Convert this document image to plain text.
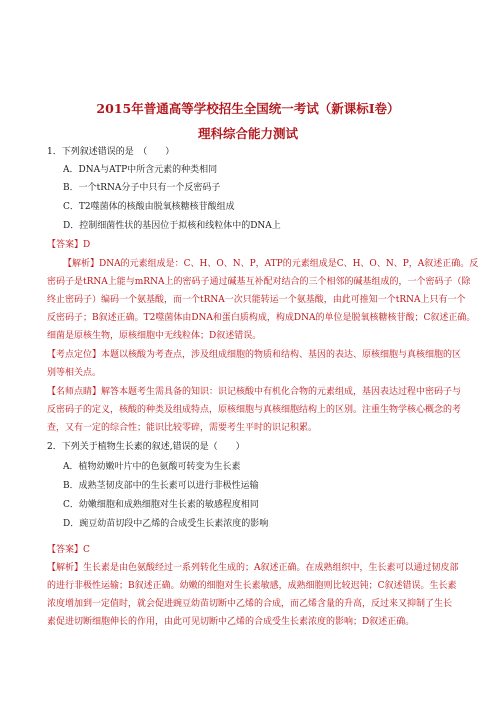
2015年普通高等学校招生全国统一考试（新课标Ⅰ卷）
理科综合能力测试
1．下列叙述错误的是　（　　）
A．DNA与ATP中所含元素的种类相同
B．一个tRNA分子中只有一个反密码子
C．T2噬菌体的核酸由脱氧核糖核苷酸组成
D．控制细菌性状的基因位于拟核和线粒体中的DNA上
【答案】D
【解析】DNA的元素组成是：C、H、O、N、P，ATP的元素组成是C、H、O、N、P，A叙述正确。反
密码子是tRNA上能与mRNA上的密码子通过碱基互补配对结合的三个相邻的碱基组成的，一个密码子（除
终止密码子）编码一个氨基酸，而一个tRNA一次只能转运一个氨基酸，由此可推知一个tRNA上只有一个
反密码子；B叙述正确。T2噬菌体由DNA和蛋白质构成，构成DNA的单位是脱氧核糖核苷酸；C叙述正确。
细菌是原核生物，原核细胞中无线粒体；D叙述错误。
【考点定位】本题以核酸为考查点，涉及组成细胞的物质和结构、基因的表达、原核细胞与真核细胞的区
别等相关点。
【名师点睛】解答本题考生需具备的知识：识记核酸中有机化合物的元素组成，基因表达过程中密码子与
反密码子的定义，核酸的种类及组成特点，原核细胞与真核细胞结构上的区别。注重生物学核心概念的考
查，又有一定的综合性；能识比较零碎，需要考生平时的识记积累。
2．下列关于植物生长素的叙述,错误的是（　　）
A．植物幼嫩叶片中的色氨酸可转变为生长素
B．成熟茎韧皮部中的生长素可以进行非极性运输
C．幼嫩细胞和成熟细胞对生长素的敏感程度相同
D．豌豆幼苗切段中乙烯的合成受生长素浓度的影响
【答案】C
【解析】生长素是由色氨酸经过一系列转化生成的；A叙述正确。在成熟组织中，生长素可以通过韧皮部
的进行非极性运输；B叙述正确。幼嫩的细胞对生长素敏感，成熟细胞则比较迟钝；C叙述错误。生长素
浓度增加到一定值时，就会促进豌豆幼苗切断中乙烯的合成，而乙烯含量的升高，反过来又抑制了生长
素促进切断细胞伸长的作用，由此可见切断中乙烯的合成受生长素浓度的影响；D叙述正确。
